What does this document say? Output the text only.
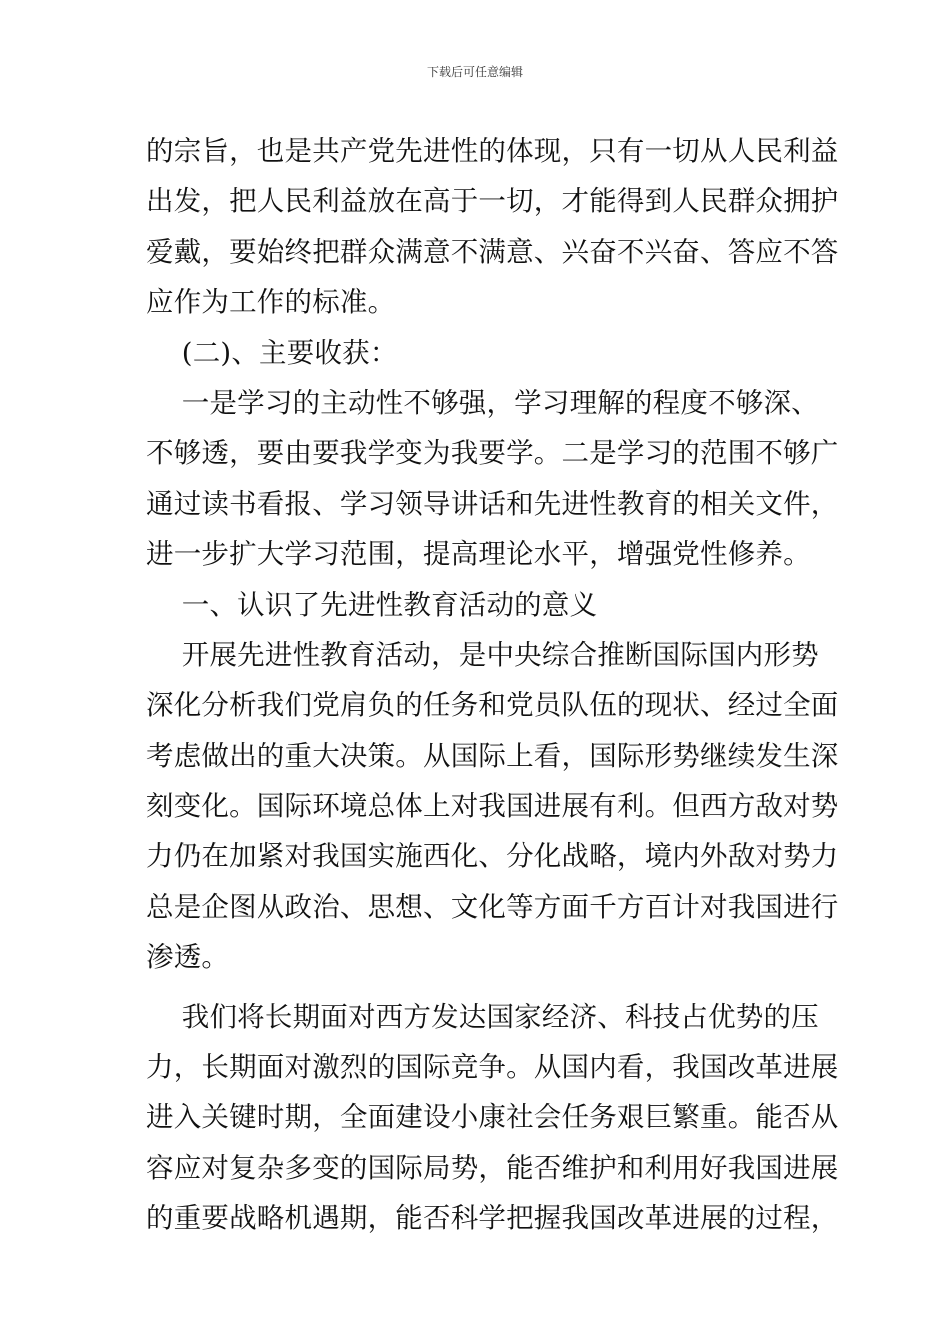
下载后可任意编辑
的宗旨，也是共产党先进性的体现，只有一切从人民利益
出发，把人民利益放在高于一切，才能得到人民群众拥护
爱戴，要始终把群众满意不满意、兴奋不兴奋、答应不答
应作为工作的标准。
(二)、主要收获：
一是学习的主动性不够强，学习理解的程度不够深、
不够透，要由要我学变为我要学。二是学习的范围不够广
通过读书看报、学习领导讲话和先进性教育的相关文件，
进一步扩大学习范围，提高理论水平，增强党性修养。
一、认识了先进性教育活动的意义
开展先进性教育活动，是中央综合推断国际国内形势
深化分析我们党肩负的任务和党员队伍的现状、经过全面
考虑做出的重大决策。从国际上看，国际形势继续发生深
刻变化。国际环境总体上对我国进展有利。但西方敌对势
力仍在加紧对我国实施西化、分化战略，境内外敌对势力
总是企图从政治、思想、文化等方面千方百计对我国进行
渗透。
我们将长期面对西方发达国家经济、科技占优势的压
力，长期面对激烈的国际竞争。从国内看，我国改革进展
进入关键时期，全面建设小康社会任务艰巨繁重。能否从
容应对复杂多变的国际局势，能否维护和利用好我国进展
的重要战略机遇期，能否科学把握我国改革进展的过程，
